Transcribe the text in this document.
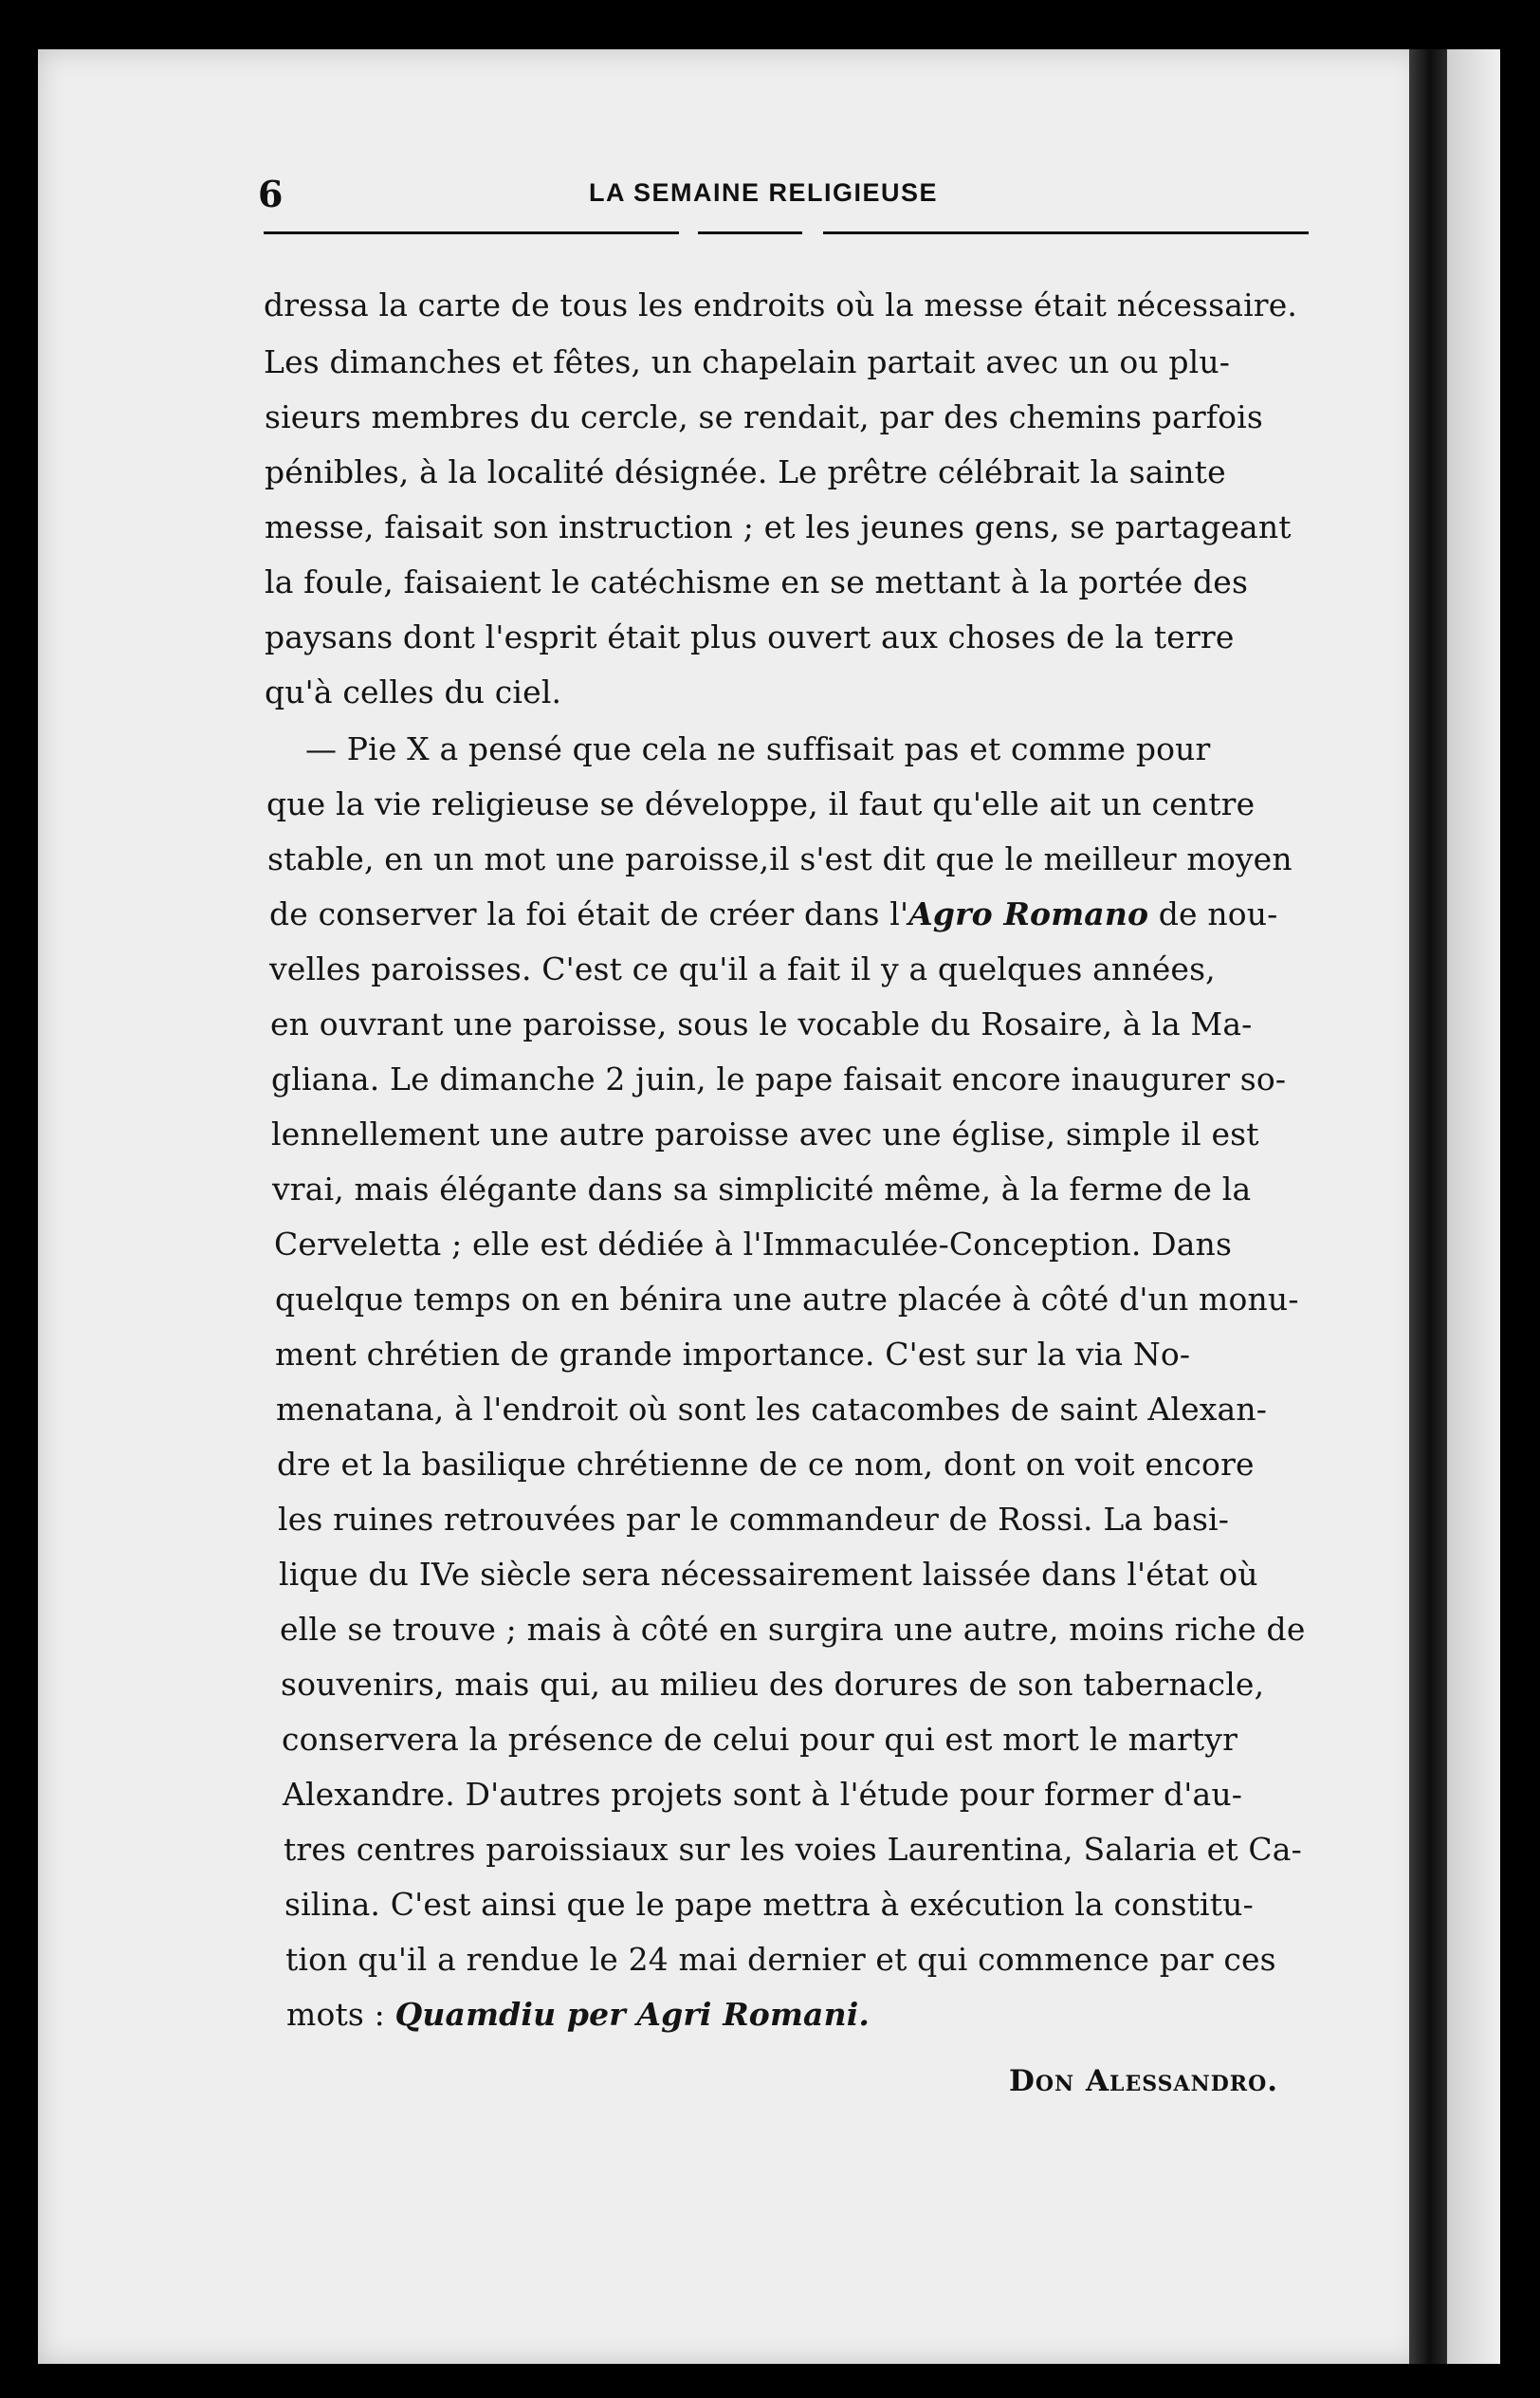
6	LA SEMAINE RELIGIEUSE
dressa la carte de tous les endroits où la messe était nécessaire.
Les dimanches et fêtes, un chapelain partait avec un ou plu-
sieurs membres du cercle, se rendait, par des chemins parfois
pénibles, à la localité désignée. Le prêtre célébrait la sainte
messe, faisait son instruction ; et les jeunes gens, se partageant
la foule, faisaient le catéchisme en se mettant à la portée des
paysans dont l'esprit était plus ouvert aux choses de la terre
qu'à celles du ciel.
— Pie X a pensé que cela ne suffisait pas et comme pour
que la vie religieuse se développe, il faut qu'elle ait un centre
stable, en un mot une paroisse,il s'est dit que le meilleur moyen
de conserver la foi était de créer dans l'Agro Romano de nou-
velles paroisses. C'est ce qu'il a fait il y a quelques années,
en ouvrant une paroisse, sous le vocable du Rosaire, à la Ma-
gliana. Le dimanche 2 juin, le pape faisait encore inaugurer so-
lennellement une autre paroisse avec une église, simple il est
vrai, mais élégante dans sa simplicité même, à la ferme de la
Cerveletta ; elle est dédiée à l'Immaculée-Conception. Dans
quelque temps on en bénira une autre placée à côté d'un monu-
ment chrétien de grande importance. C'est sur la via No-
menatana, à l'endroit où sont les catacombes de saint Alexan-
dre et la basilique chrétienne de ce nom, dont on voit encore
les ruines retrouvées par le commandeur de Rossi. La basi-
lique du IVe siècle sera nécessairement laissée dans l'état où
elle se trouve ; mais à côté en surgira une autre, moins riche de
souvenirs, mais qui, au milieu des dorures de son tabernacle,
conservera la présence de celui pour qui est mort le martyr
Alexandre. D'autres projets sont à l'étude pour former d'au-
tres centres paroissiaux sur les voies Laurentina, Salaria et Ca-
silina. C'est ainsi que le pape mettra à exécution la constitu-
tion qu'il a rendue le 24 mai dernier et qui commence par ces
mots : Quamdiu per Agri Romani.
Don Alessandro.
